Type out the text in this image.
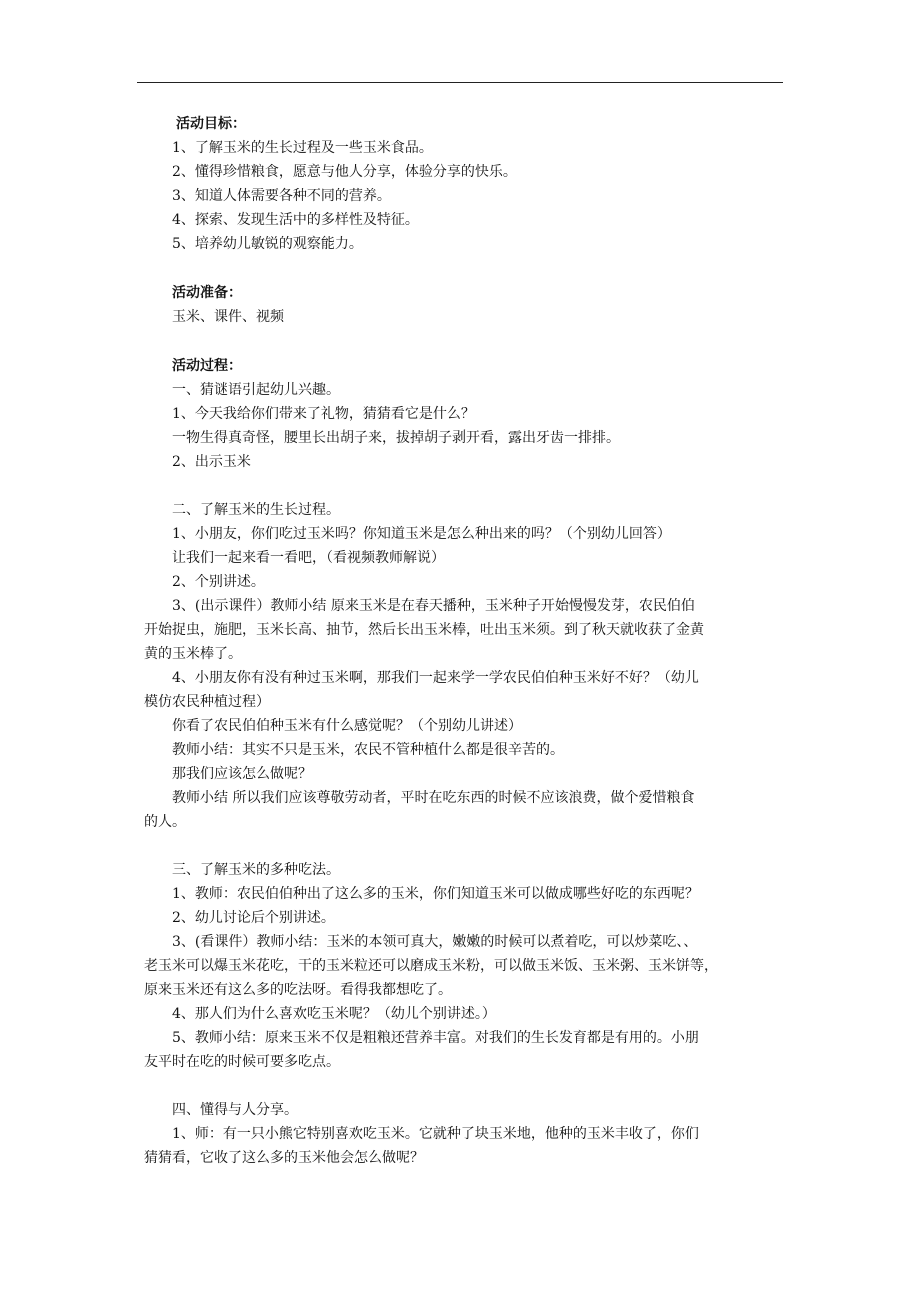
活动目标：
1、了解玉米的生长过程及一些玉米食品。
2、懂得珍惜粮食，愿意与他人分享，体验分享的快乐。
3、知道人体需要各种不同的营养。
4、探索、发现生活中的多样性及特征。
5、培养幼儿敏锐的观察能力。
活动准备：
玉米、课件、视频
活动过程：
一、猜谜语引起幼儿兴趣。
1、今天我给你们带来了礼物，猜猜看它是什么？
一物生得真奇怪，腰里长出胡子来，拔掉胡子剥开看，露出牙齿一排排。
2、出示玉米
二、了解玉米的生长过程。
1、小朋友，你们吃过玉米吗？你知道玉米是怎么种出来的吗？（个别幼儿回答）
让我们一起来看一看吧，（看视频教师解说）
2、个别讲述。
3、(出示课件）教师小结 原来玉米是在春天播种，玉米种子开始慢慢发芽，农民伯伯
开始捉虫，施肥，玉米长高、抽节，然后长出玉米棒，吐出玉米须。到了秋天就收获了金黄
黄的玉米棒了。
4、小朋友你有没有种过玉米啊，那我们一起来学一学农民伯伯种玉米好不好？（幼儿
模仿农民种植过程）
你看了农民伯伯种玉米有什么感觉呢？（个别幼儿讲述）
教师小结：其实不只是玉米，农民不管种植什么都是很辛苦的。
那我们应该怎么做呢？
教师小结 所以我们应该尊敬劳动者，平时在吃东西的时候不应该浪费，做个爱惜粮食
的人。
三、了解玉米的多种吃法。
1、教师：农民伯伯种出了这么多的玉米，你们知道玉米可以做成哪些好吃的东西呢？
2、幼儿讨论后个别讲述。
3、(看课件）教师小结：玉米的本领可真大，嫩嫩的时候可以煮着吃，可以炒菜吃、、
老玉米可以爆玉米花吃，干的玉米粒还可以磨成玉米粉，可以做玉米饭、玉米粥、玉米饼等，
原来玉米还有这么多的吃法呀。看得我都想吃了。
4、那人们为什么喜欢吃玉米呢？（幼儿个别讲述。）
5、教师小结：原来玉米不仅是粗粮还营养丰富。对我们的生长发育都是有用的。小朋
友平时在吃的时候可要多吃点。
四、懂得与人分享。
1、师：有一只小熊它特别喜欢吃玉米。它就种了块玉米地，他种的玉米丰收了，你们
猜猜看，它收了这么多的玉米他会怎么做呢？
